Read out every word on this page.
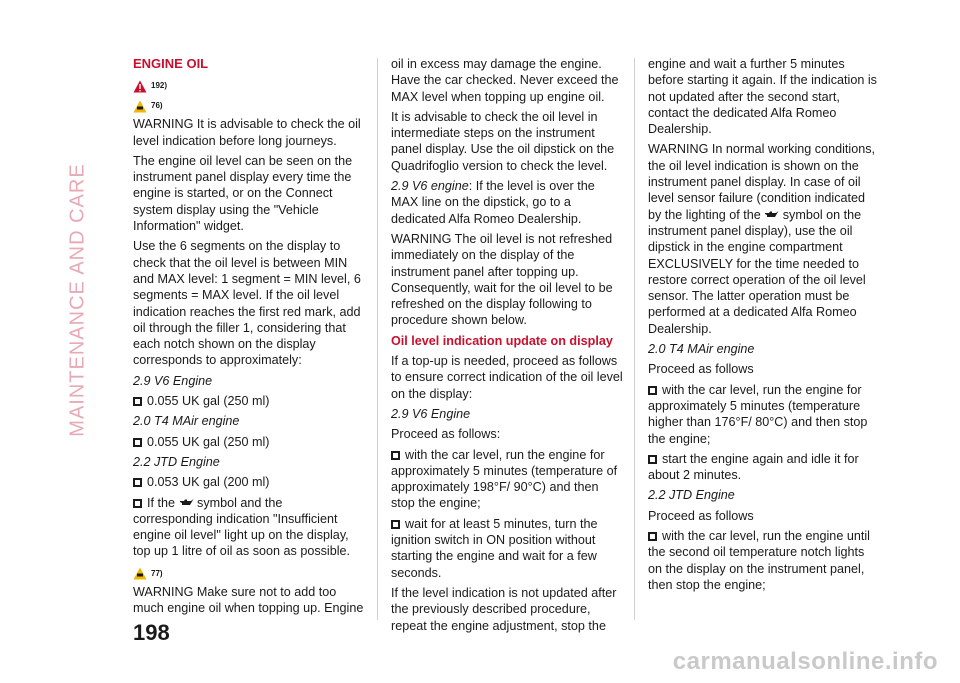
MAINTENANCE AND CARE
ENGINE OIL
192)
76)

WARNING It is advisable to check the oil level indication before long journeys.

The engine oil level can be seen on the instrument panel display every time the engine is started, or on the Connect system display using the "Vehicle Information" widget.

Use the 6 segments on the display to check that the oil level is between MIN and MAX level: 1 segment = MIN level, 6 segments = MAX level. If the oil level indication reaches the first red mark, add oil through the filler 1, considering that each notch shown on the display corresponds to approximately:

2.9 V6 Engine

0.055 UK gal (250 ml)

2.0 T4 MAir engine

0.055 UK gal (250 ml)

2.2 JTD Engine

0.053 UK gal (200 ml)

If the symbol and the corresponding indication "Insufficient engine oil level" light up on the display, top up 1 litre of oil as soon as possible.

77)

WARNING Make sure not to add too much engine oil when topping up. Engine

oil in excess may damage the engine. Have the car checked. Never exceed the MAX level when topping up engine oil.

It is advisable to check the oil level in intermediate steps on the instrument panel display. Use the oil dipstick on the Quadrifoglio version to check the level.

2.9 V6 engine: If the level is over the MAX line on the dipstick, go to a dedicated Alfa Romeo Dealership.

WARNING The oil level is not refreshed immediately on the display of the instrument panel after topping up. Consequently, wait for the oil level to be refreshed on the display following to procedure shown below.

Oil level indication update on display

If a top-up is needed, proceed as follows to ensure correct indication of the oil level on the display:

2.9 V6 Engine

Proceed as follows:

with the car level, run the engine for approximately 5 minutes (temperature of approximately 198°F/ 90°C) and then stop the engine;

wait for at least 5 minutes, turn the ignition switch in ON position without starting the engine and wait for a few seconds.

If the level indication is not updated after the previously described procedure, repeat the engine adjustment, stop the

engine and wait a further 5 minutes before starting it again. If the indication is not updated after the second start, contact the dedicated Alfa Romeo Dealership.

WARNING In normal working conditions, the oil level indication is shown on the instrument panel display. In case of oil level sensor failure (condition indicated by the lighting of the symbol on the instrument panel display), use the oil dipstick in the engine compartment EXCLUSIVELY for the time needed to restore correct operation of the oil level sensor. The latter operation must be performed at a dedicated Alfa Romeo Dealership.

2.0 T4 MAir engine

Proceed as follows

with the car level, run the engine for approximately 5 minutes (temperature higher than 176°F/ 80°C) and then stop the engine;

start the engine again and idle it for about 2 minutes.

2.2 JTD Engine

Proceed as follows

with the car level, run the engine until the second oil temperature notch lights on the display on the instrument panel, then stop the engine;

198
carmanualsonline.info
